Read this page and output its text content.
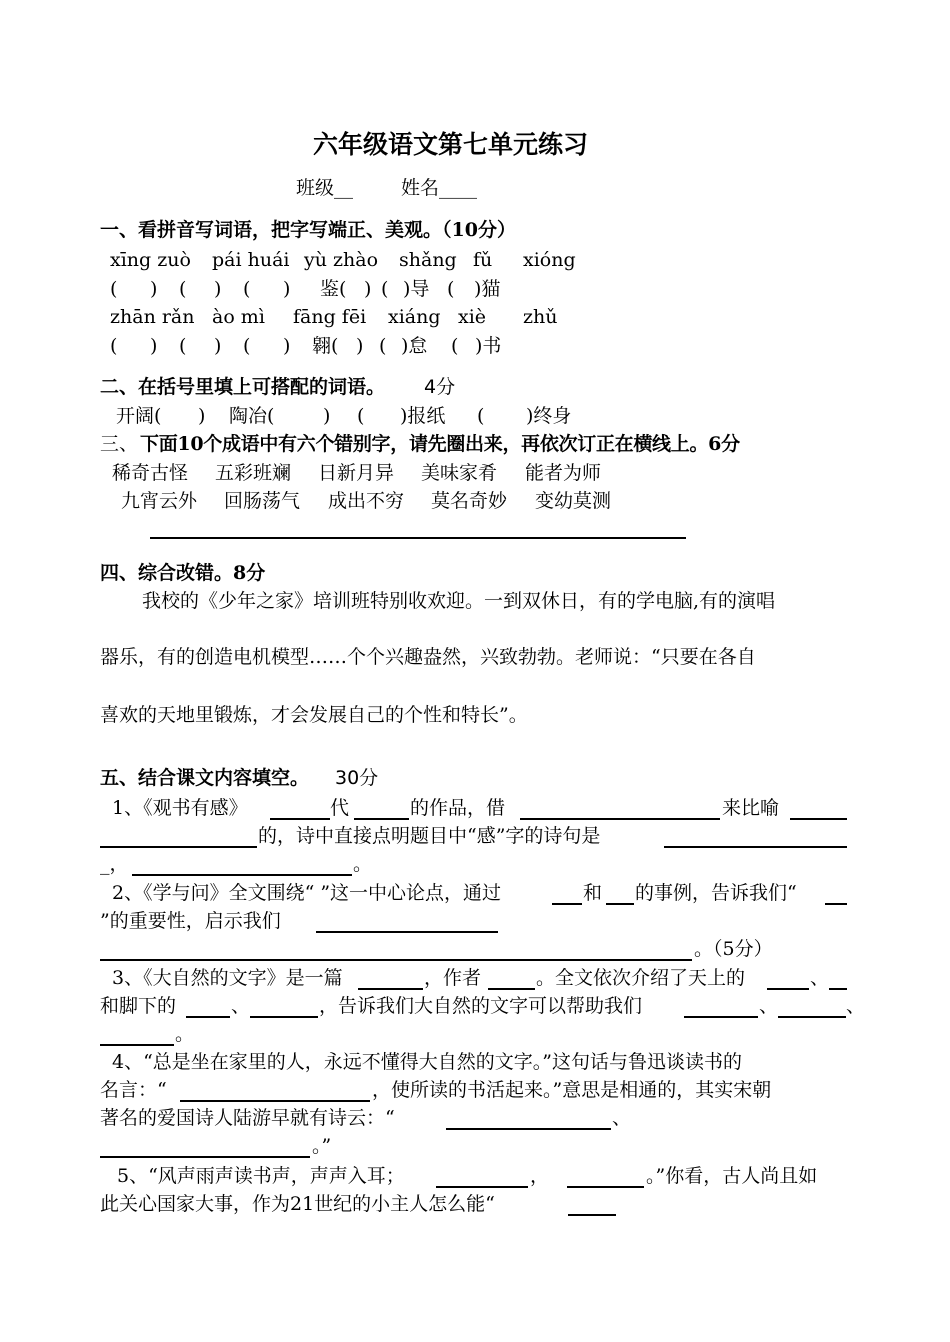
六年级语文第七单元练习
班级__	姓名____
一、看拼音写词语，把字写端正、美观。（10分）
xīng zuò pái huái yù zhào shǎng fǔ xióng
( ) ( ) ( ) 鉴( ) ( )导 ( )猫
zhān rǎn ào mì fāng fēi xiáng xiè zhǔ
( ) ( ) ( ) 翱( ) ( )怠 ( )书
二、在括号里填上可搭配的词语。 4分
开阔( ) 陶冶(	) ( )报纸 ( )终身
三、 下面10个成语中有六个错别字，请先圈出来，再依次订正在横线上。6分
稀奇古怪 五彩班斓 日新月异 美味家肴 能者为师
九宵云外 回肠荡气 成出不穷 莫名奇妙 变幼莫测
四、综合改错。8分
我校的《少年之家》培训班特别收欢迎。一到双休日，有的学电脑,有的演唱
器乐，有的创造电机模型……个个兴趣盎然，兴致勃勃。老师说：“只要在各自
喜欢的天地里锻炼，才会发展自己的个性和特长”。
五、结合课文内容填空。 30分
1、《观书有感》	代	的作品，借	来比喻
的，诗中直接点明题目中“感”字的诗句是
_，	。
2、《学与问》全文围绕“ ”这一中心论点，通过	和 的事例，告诉我们“
”的重要性，启示我们
。（5分）
3、《大自然的文字》是一篇	，作者	。全文依次介绍了天上的	、
和脚下的	、	，告诉我们大自然的文字可以帮助我们	、	、
。
4、“总是坐在家里的人，永远不懂得大自然的文字。”这句话与鲁迅谈读书的
名言：“	，使所读的书活起来。”意思是相通的，其实宋朝
著名的爱国诗人陆游早就有诗云：“	、
。”
5、“风声雨声读书声，声声入耳；	，	。”你看，古人尚且如
此关心国家大事，作为21世纪的小主人怎么能“
